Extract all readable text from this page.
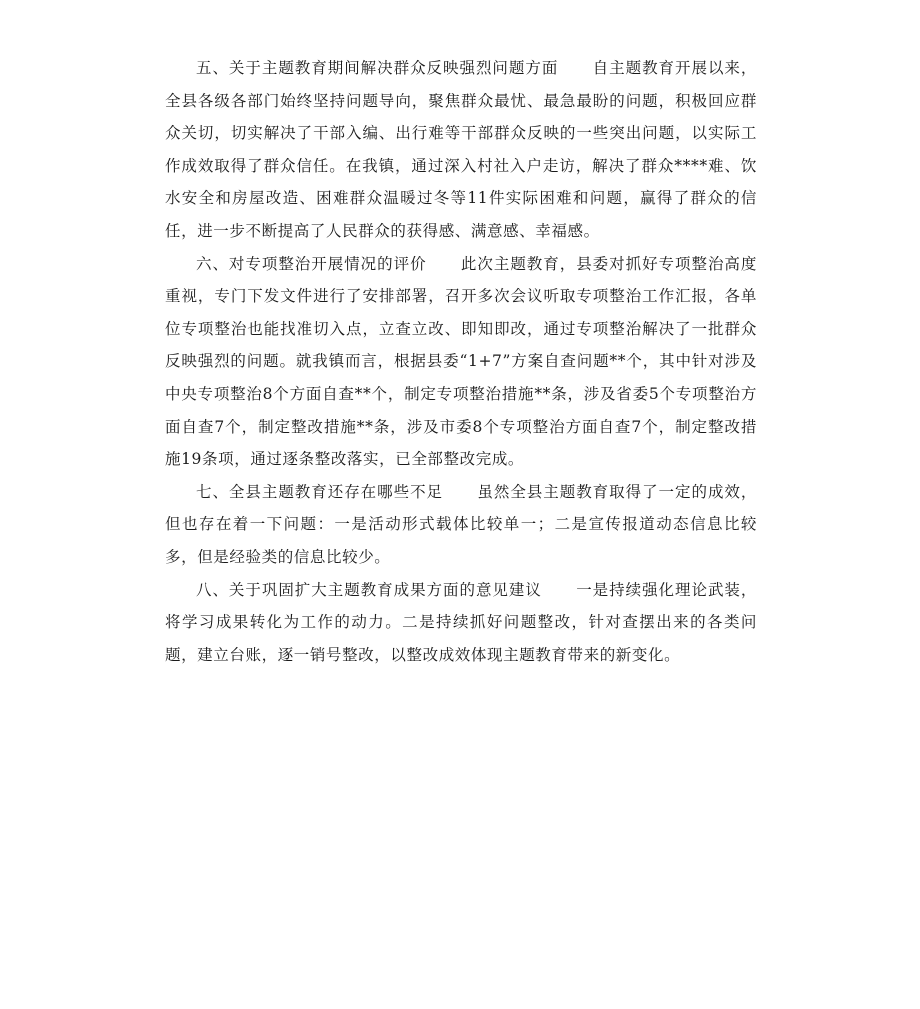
五、关于主题教育期间解决群众反映强烈问题方面 自主题教育开展以来，全县各级各部门始终坚持问题导向，聚焦群众最忧、最急最盼的问题，积极回应群众关切，切实解决了干部入编、出行难等干部群众反映的一些突出问题，以实际工作成效取得了群众信任。在我镇，通过深入村社入户走访，解决了群众****难、饮水安全和房屋改造、困难群众温暖过冬等11件实际困难和问题，赢得了群众的信任，进一步不断提高了人民群众的获得感、满意感、幸福感。

六、对专项整治开展情况的评价 此次主题教育，县委对抓好专项整治高度重视，专门下发文件进行了安排部署，召开多次会议听取专项整治工作汇报，各单位专项整治也能找准切入点，立查立改、即知即改，通过专项整治解决了一批群众反映强烈的问题。就我镇而言，根据县委“1+7”方案自查问题**个，其中针对涉及中央专项整治8个方面自查**个，制定专项整治措施**条，涉及省委5个专项整治方面自查7个，制定整改措施**条，涉及市委8个专项整治方面自查7个，制定整改措施19条项，通过逐条整改落实，已全部整改完成。

七、全县主题教育还存在哪些不足 虽然全县主题教育取得了一定的成效，但也存在着一下问题：一是活动形式载体比较单一；二是宣传报道动态信息比较多，但是经验类的信息比较少。

八、关于巩固扩大主题教育成果方面的意见建议 一是持续强化理论武装，将学习成果转化为工作的动力。二是持续抓好问题整改，针对查摆出来的各类问题，建立台账，逐一销号整改，以整改成效体现主题教育带来的新变化。
